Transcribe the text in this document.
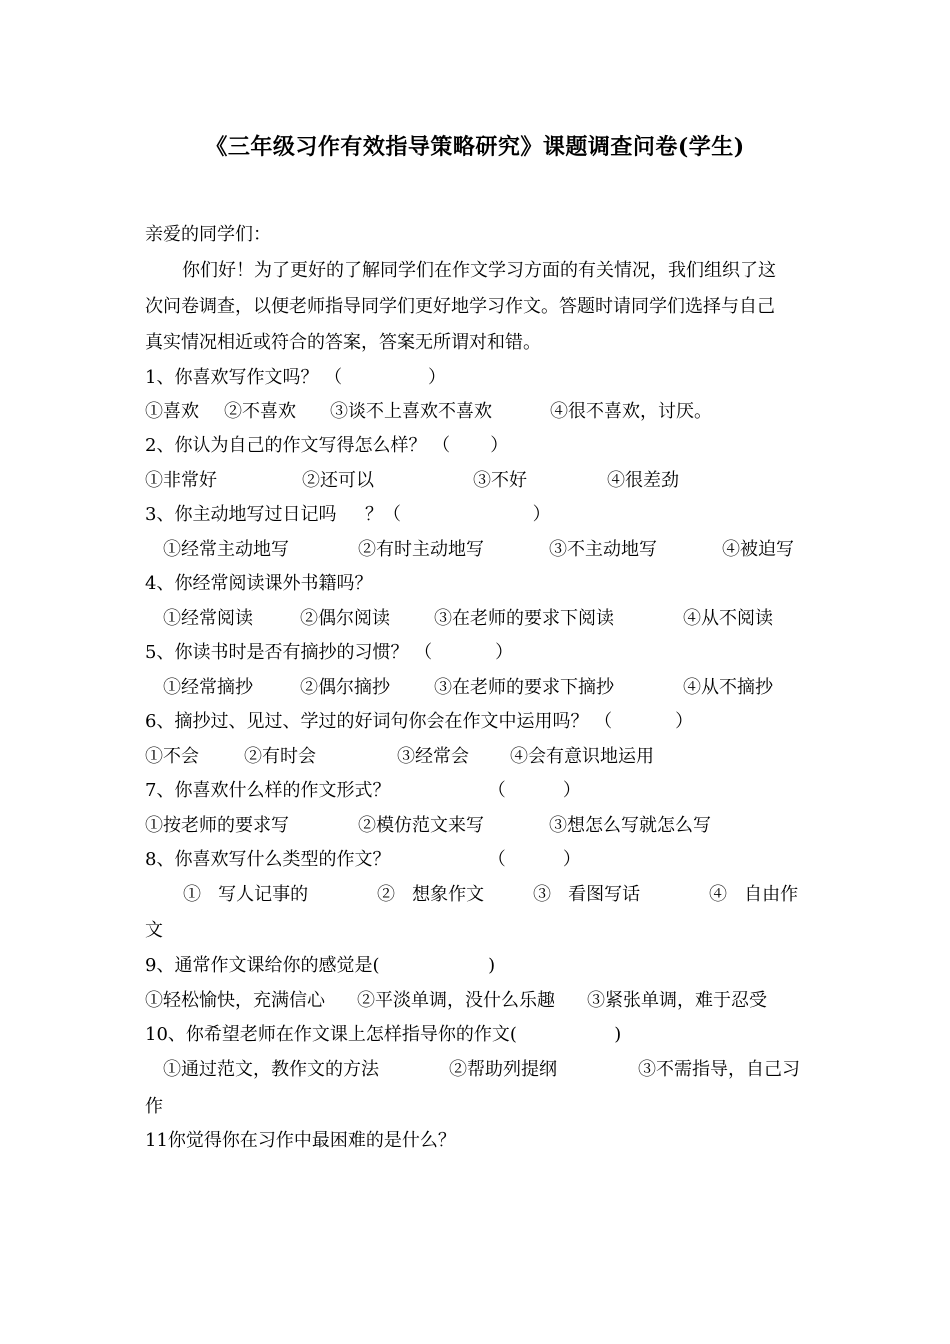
《三年级习作有效指导策略研究》课题调查问卷(学生)
亲爱的同学们：
你们好！为了更好的了解同学们在作文学习方面的有关情况，我们组织了这
次问卷调查，以便老师指导同学们更好地学习作文。答题时请同学们选择与自己
真实情况相近或符合的答案，答案无所谓对和错。
1、你喜欢写作文吗？ （               ）
①喜欢 ②不喜欢 ③谈不上喜欢不喜欢	④很不喜欢，讨厌。
2、你认为自己的作文写得怎么样？ （       ）
①非常好	②还可以	③不好	④很差劲
3、你主动地写过日记吗     ？（                       ）
①经常主动地写	②有时主动地写	③不主动地写	④被迫写
4、你经常阅读课外书籍吗？
①经常阅读	②偶尔阅读 ③在老师的要求下阅读	④从不阅读
5、你读书时是否有摘抄的习惯？ （           ）
①经常摘抄	②偶尔摘抄 ③在老师的要求下摘抄	④从不摘抄
6、摘抄过、见过、学过的好词句你会在作文中运用吗？ （           ）
①不会	②有时会	③经常会 ④会有意识地运用
7、你喜欢什么样的作文形式？                 （          ）
①按老师的要求写	②模仿范文来写	③想怎么写就怎么写
8、你喜欢写什么类型的作文？                 （          ）
①   写人记事的	②   想象作文	③   看图写话	④   自由作
文
9、通常作文课给你的感觉是(                   )
①轻松愉快，充满信心 ②平淡单调，没什么乐趣 ③紧张单调，难于忍受
10、你希望老师在作文课上怎样指导你的作文(                 )
①通过范文，教作文的方法	②帮助列提纲	③不需指导，自己习
作
11你觉得你在习作中最困难的是什么？
